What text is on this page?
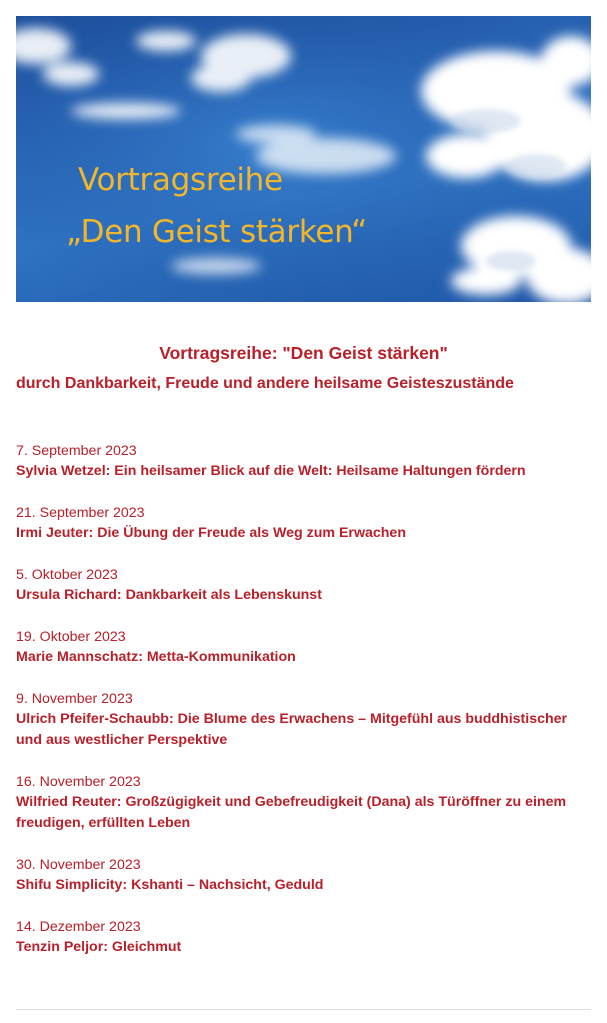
Vortragsreihe
„Den Geist stärken“
Vortragsreihe: "Den Geist stärken"
durch Dankbarkeit, Freude und andere heilsame Geisteszustände
7. September 2023
Sylvia Wetzel: Ein heilsamer Blick auf die Welt: Heilsame Haltungen fördern
21. September 2023
Irmi Jeuter: Die Übung der Freude als Weg zum Erwachen
5. Oktober 2023
Ursula Richard: Dankbarkeit als Lebenskunst
19. Oktober 2023
Marie Mannschatz: Metta-Kommunikation
9. November 2023
Ulrich Pfeifer-Schaubb: Die Blume des Erwachens – Mitgefühl aus buddhistischer und aus westlicher Perspektive
16. November 2023
Wilfried Reuter: Großzügigkeit und Gebefreudigkeit (Dana) als Türöffner zu einem freudigen, erfüllten Leben
30. November 2023
Shifu Simplicity: Kshanti – Nachsicht, Geduld
14. Dezember 2023
Tenzin Peljor: Gleichmut
